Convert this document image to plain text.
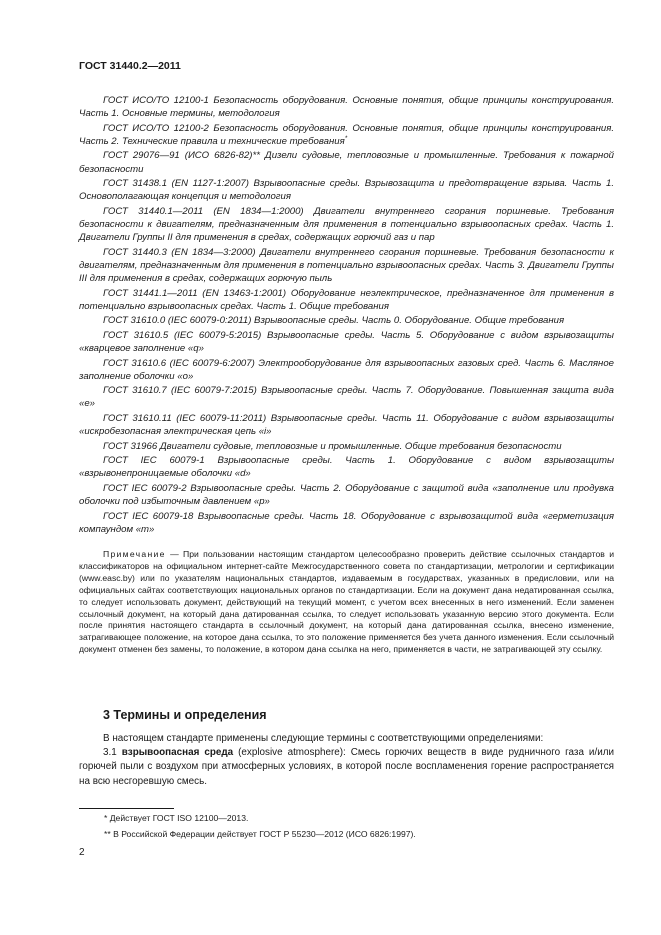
ГОСТ 31440.2—2011

ГОСТ ИСО/ТО 12100-1 Безопасность оборудования. Основные понятия, общие принципы конструирования. Часть 1. Основные термины, методология

ГОСТ ИСО/ТО 12100-2 Безопасность оборудования. Основные понятия, общие принципы конструирования. Часть 2. Технические правила и технические требования*

ГОСТ 29076—91 (ИСО 6826-82)** Дизели судовые, тепловозные и промышленные. Требования к пожарной безопасности

ГОСТ 31438.1 (EN 1127-1:2007) Взрывоопасные среды. Взрывозащита и предотвращение взрыва. Часть 1. Основополагающая концепция и методология

ГОСТ 31440.1—2011 (EN 1834—1:2000) Двигатели внутреннего сгорания поршневые. Требования безопасности к двигателям, предназначенным для применения в потенциально взрывоопасных средах. Часть 1. Двигатели Группы II для применения в средах, содержащих горючий газ и пар

ГОСТ 31440.3 (EN 1834—3:2000) Двигатели внутреннего сгорания поршневые. Требования безопасности к двигателям, предназначенным для применения в потенциально взрывоопасных средах. Часть 3. Двигатели Группы III для применения в средах, содержащих горючую пыль

ГОСТ 31441.1—2011 (EN 13463-1:2001) Оборудование неэлектрическое, предназначенное для применения в потенциально взрывоопасных средах. Часть 1. Общие требования

ГОСТ 31610.0 (IEC 60079-0:2011) Взрывоопасные среды. Часть 0. Оборудование. Общие требования

ГОСТ 31610.5 (IEC 60079-5:2015) Взрывоопасные среды. Часть 5. Оборудование с видом взрывозащиты «кварцевое заполнение «q»

ГОСТ 31610.6 (IEC 60079-6:2007) Электрооборудование для взрывоопасных газовых сред. Часть 6. Масляное заполнение оболочки «о»

ГОСТ 31610.7 (IEC 60079-7:2015) Взрывоопасные среды. Часть 7. Оборудование. Повышенная защита вида «е»

ГОСТ 31610.11 (IEC 60079-11:2011) Взрывоопасные среды. Часть 11. Оборудование с видом взрывозащиты «искробезопасная электрическая цепь «i»

ГОСТ 31966 Двигатели судовые, тепловозные и промышленные. Общие требования безопасности

ГОСТ IEC 60079-1 Взрывоопасные среды. Часть 1. Оборудование с видом взрывозащиты «взрывонепроницаемые оболочки «d»

ГОСТ IEC 60079-2 Взрывоопасные среды. Часть 2. Оборудование с защитой вида «заполнение или продувка оболочки под избыточным давлением «р»

ГОСТ IEC 60079-18 Взрывоопасные среды. Часть 18. Оборудование с взрывозащитой вида «герметизация компаундом «m»

Примечание — При пользовании настоящим стандартом целесообразно проверить действие ссылочных стандартов и классификаторов на официальном интернет-сайте Межгосударственного совета по стандартизации, метрологии и сертификации (www.easc.by) или по указателям национальных стандартов, издаваемым в государствах, указанных в предисловии, или на официальных сайтах соответствующих национальных органов по стандартизации. Если на документ дана недатированная ссылка, то следует использовать документ, действующий на текущий момент, с учетом всех внесенных в него изменений. Если заменен ссылочный документ, на который дана датированная ссылка, то следует использовать указанную версию этого документа. Если после принятия настоящего стандарта в ссылочный документ, на который дана датированная ссылка, внесено изменение, затрагивающее положение, на которое дана ссылка, то это положение применяется без учета данного изменения. Если ссылочный документ отменен без замены, то положение, в котором дана ссылка на него, применяется в части, не затрагивающей эту ссылку.

3 Термины и определения

В настоящем стандарте применены следующие термины с соответствующими определениями:

3.1 взрывоопасная среда (explosive atmosphere): Смесь горючих веществ в виде рудничного газа и/или горючей пыли с воздухом при атмосферных условиях, в которой после воспламенения горение распространяется на всю несгоревшую смесь.

* Действует ГОСТ ISO 12100—2013.

** В Российской Федерации действует ГОСТ Р 55230—2012 (ИСО 6826:1997).

2
